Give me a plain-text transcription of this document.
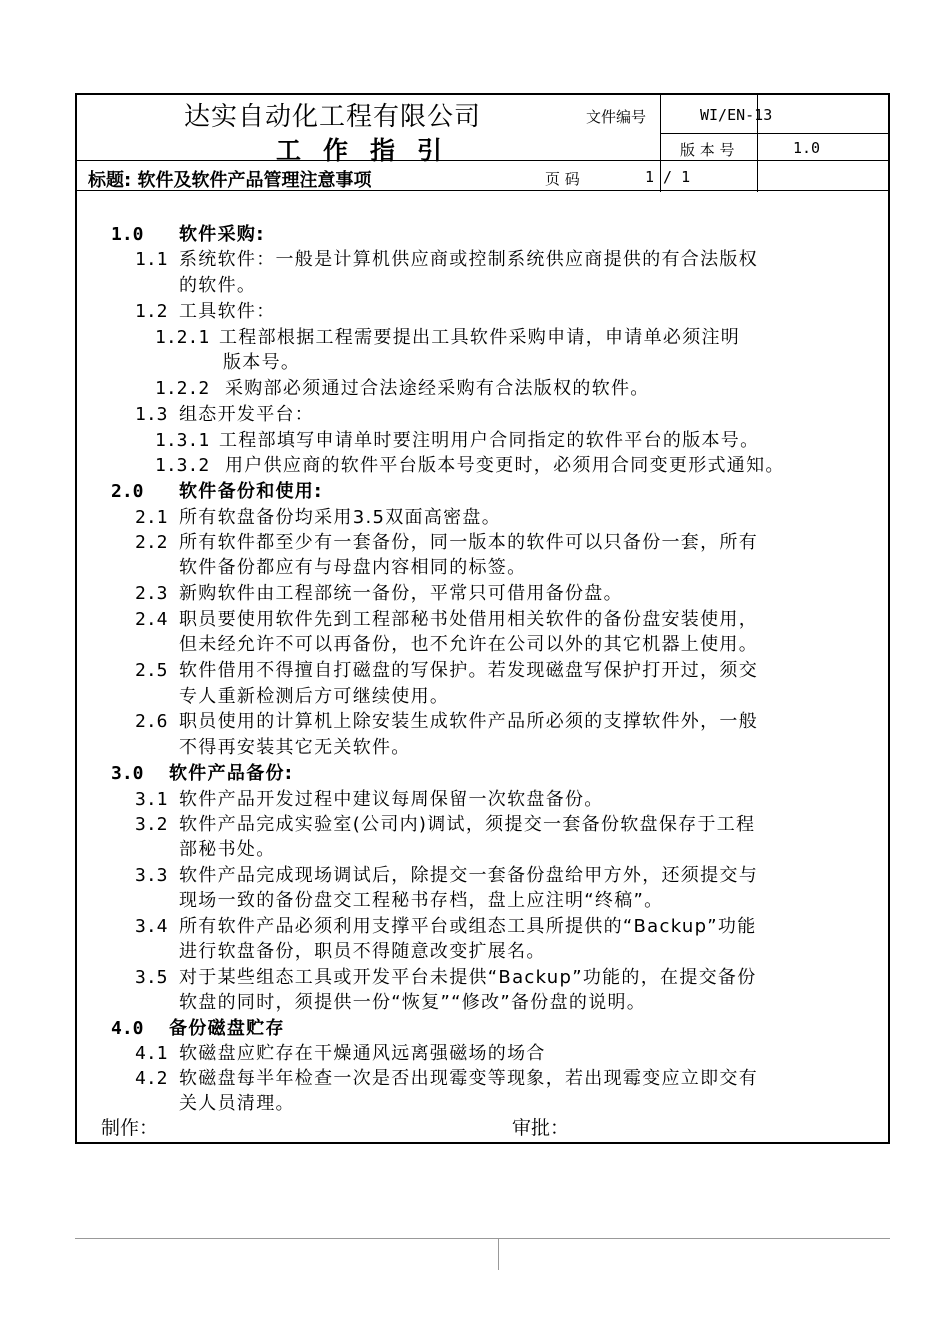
达实自动化工程有限公司
工作指引
文件编号	WI/EN-13
版 本 号	1.0
标题: 软件及软件产品管理注意事项	页 码	1 / 1
1.0 软件采购:
1.1 系统软件：一般是计算机供应商或控制系统供应商提供的有合法版权
的软件。
1.2 工具软件：
1.2.1 工程部根据工程需要提出工具软件采购申请，申请单必须注明
版本号。
1.2.2 采购部必须通过合法途经采购有合法版权的软件。
1.3 组态开发平台：
1.3.1 工程部填写申请单时要注明用户合同指定的软件平台的版本号。
1.3.2 用户供应商的软件平台版本号变更时，必须用合同变更形式通知。
2.0 软件备份和使用:
2.1 所有软盘备份均采用3.5双面高密盘。
2.2 所有软件都至少有一套备份，同一版本的软件可以只备份一套，所有
软件备份都应有与母盘内容相同的标签。
2.3 新购软件由工程部统一备份，平常只可借用备份盘。
2.4 职员要使用软件先到工程部秘书处借用相关软件的备份盘安装使用，
但未经允许不可以再备份，也不允许在公司以外的其它机器上使用。
2.5 软件借用不得擅自打磁盘的写保护。若发现磁盘写保护打开过，须交
专人重新检测后方可继续使用。
2.6 职员使用的计算机上除安装生成软件产品所必须的支撑软件外，一般
不得再安装其它无关软件。
3.0 软件产品备份:
3.1 软件产品开发过程中建议每周保留一次软盘备份。
3.2 软件产品完成实验室(公司内)调试，须提交一套备份软盘保存于工程
部秘书处。
3.3 软件产品完成现场调试后，除提交一套备份盘给甲方外，还须提交与
现场一致的备份盘交工程秘书存档，盘上应注明“终稿”。
3.4 所有软件产品必须利用支撑平台或组态工具所提供的“Backup”功能
进行软盘备份，职员不得随意改变扩展名。
3.5 对于某些组态工具或开发平台未提供“Backup”功能的，在提交备份
软盘的同时，须提供一份“恢复”“修改”备份盘的说明。
4.0 备份磁盘贮存
4.1 软磁盘应贮存在干燥通风远离强磁场的场合
4.2 软磁盘每半年检查一次是否出现霉变等现象，若出现霉变应立即交有
关人员清理。
制作：	审批：
